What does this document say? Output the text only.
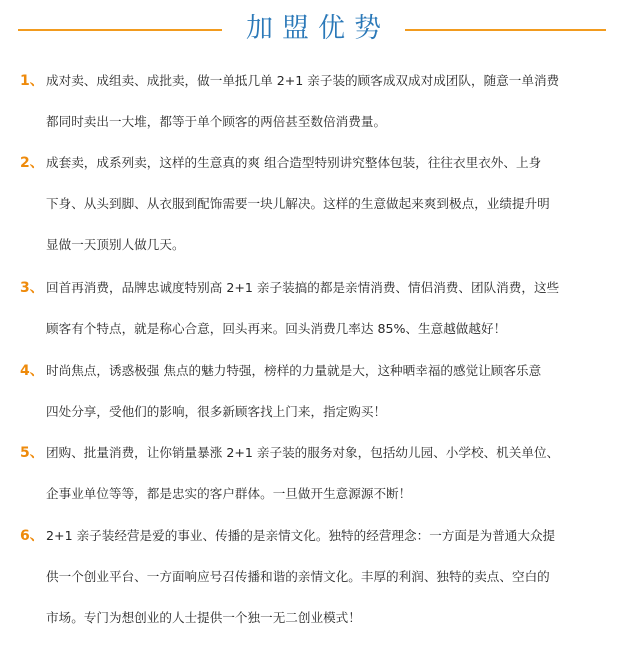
加盟优势
1、 成对卖、成组卖、成批卖，做一单抵几单 2+1 亲子装的顾客成双成对成团队，随意一单消费
都同时卖出一大堆，都等于单个顾客的两倍甚至数倍消费量。
2、 成套卖，成系列卖，这样的生意真的爽 组合造型特别讲究整体包装，往往衣里衣外、上身
下身、从头到脚、从衣服到配饰需要一块儿解决。这样的生意做起来爽到极点，业绩提升明
显做一天顶别人做几天。
3、 回首再消费，品牌忠诚度特别高 2+1 亲子装搞的都是亲情消费、情侣消费、团队消费，这些
顾客有个特点，就是称心合意，回头再来。回头消费几率达 85%、生意越做越好！
4、 时尚焦点，诱惑极强 焦点的魅力特强，榜样的力量就是大，这种晒幸福的感觉让顾客乐意
四处分享，受他们的影响，很多新顾客找上门来，指定购买！
5、 团购、批量消费，让你销量暴涨 2+1 亲子装的服务对象，包括幼儿园、小学校、机关单位、
企事业单位等等，都是忠实的客户群体。一旦做开生意源源不断！
6、 2+1 亲子装经营是爱的事业、传播的是亲情文化。独特的经营理念：一方面是为普通大众提
供一个创业平台、一方面响应号召传播和谐的亲情文化。丰厚的利润、独特的卖点、空白的
市场。专门为想创业的人士提供一个独一无二创业模式！
